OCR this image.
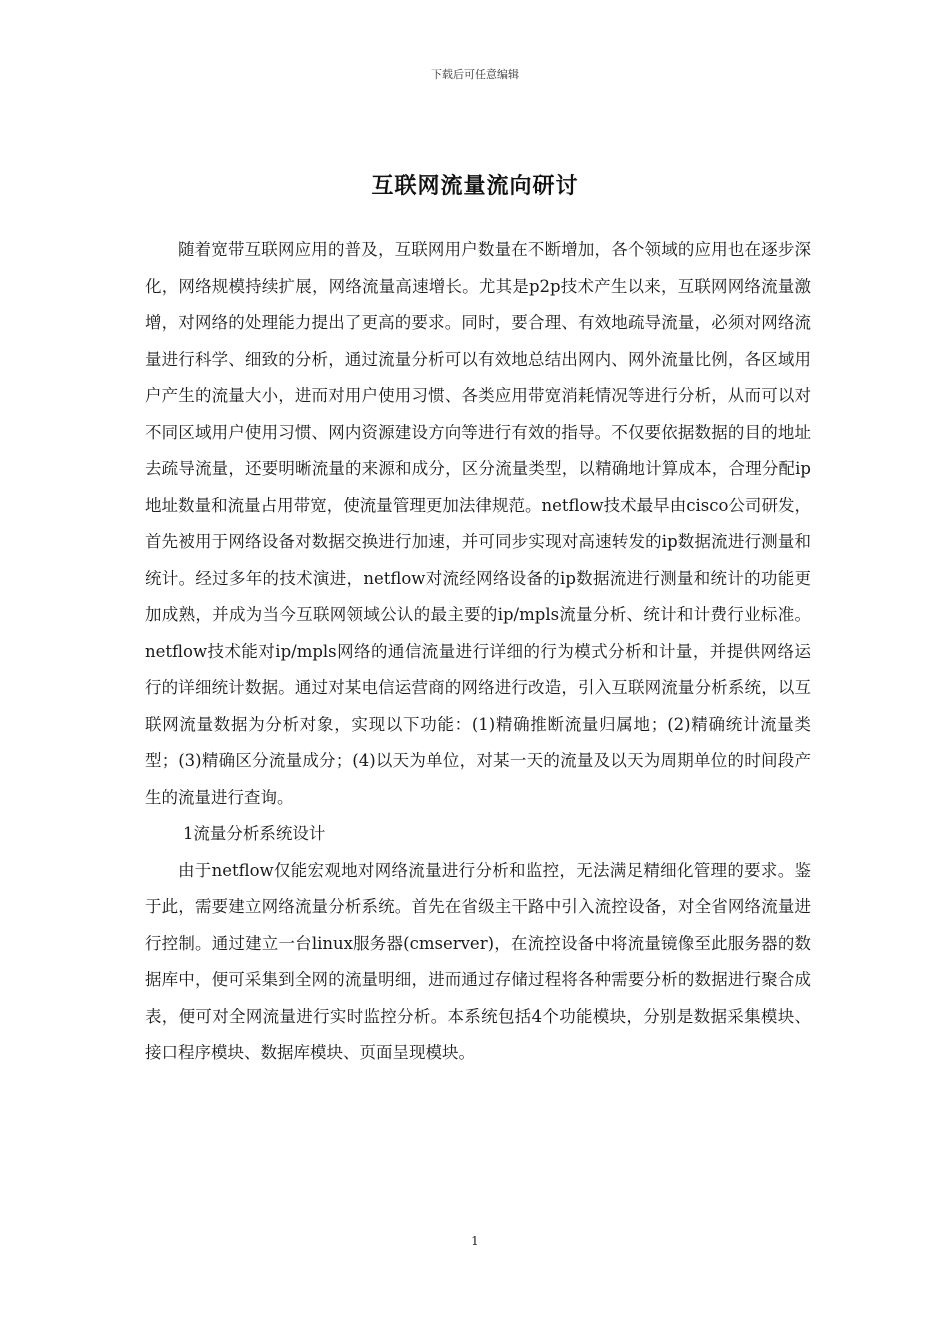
下载后可任意编辑
互联网流量流向研讨

随着宽带互联网应用的普及，互联网用户数量在不断增加，各个领域的应用也在逐步深化，网络规模持续扩展，网络流量高速增长。尤其是p2p技术产生以来，互联网网络流量激增，对网络的处理能力提出了更高的要求。同时，要合理、有效地疏导流量，必须对网络流量进行科学、细致的分析，通过流量分析可以有效地总结出网内、网外流量比例，各区域用户产生的流量大小，进而对用户使用习惯、各类应用带宽消耗情况等进行分析，从而可以对不同区域用户使用习惯、网内资源建设方向等进行有效的指导。不仅要依据数据的目的地址去疏导流量，还要明晰流量的来源和成分，区分流量类型，以精确地计算成本，合理分配ip地址数量和流量占用带宽，使流量管理更加法律规范。netflow技术最早由cisco公司研发，首先被用于网络设备对数据交换进行加速，并可同步实现对高速转发的ip数据流进行测量和统计。经过多年的技术演进，netflow对流经网络设备的ip数据流进行测量和统计的功能更加成熟，并成为当今互联网领域公认的最主要的ip/mpls流量分析、统计和计费行业标准。netflow技术能对ip/mpls网络的通信流量进行详细的行为模式分析和计量，并提供网络运行的详细统计数据。通过对某电信运营商的网络进行改造，引入互联网流量分析系统，以互联网流量数据为分析对象，实现以下功能：(1)精确推断流量归属地；(2)精确统计流量类型；(3)精确区分流量成分；(4)以天为单位，对某一天的流量及以天为周期单位的时间段产生的流量进行查询。

1流量分析系统设计

由于netflow仅能宏观地对网络流量进行分析和监控，无法满足精细化管理的要求。鉴于此，需要建立网络流量分析系统。首先在省级主干路中引入流控设备，对全省网络流量进行控制。通过建立一台linux服务器(cmserver)，在流控设备中将流量镜像至此服务器的数据库中，便可采集到全网的流量明细，进而通过存储过程将各种需要分析的数据进行聚合成表，便可对全网流量进行实时监控分析。本系统包括4个功能模块，分别是数据采集模块、接口程序模块、数据库模块、页面呈现模块。

1
